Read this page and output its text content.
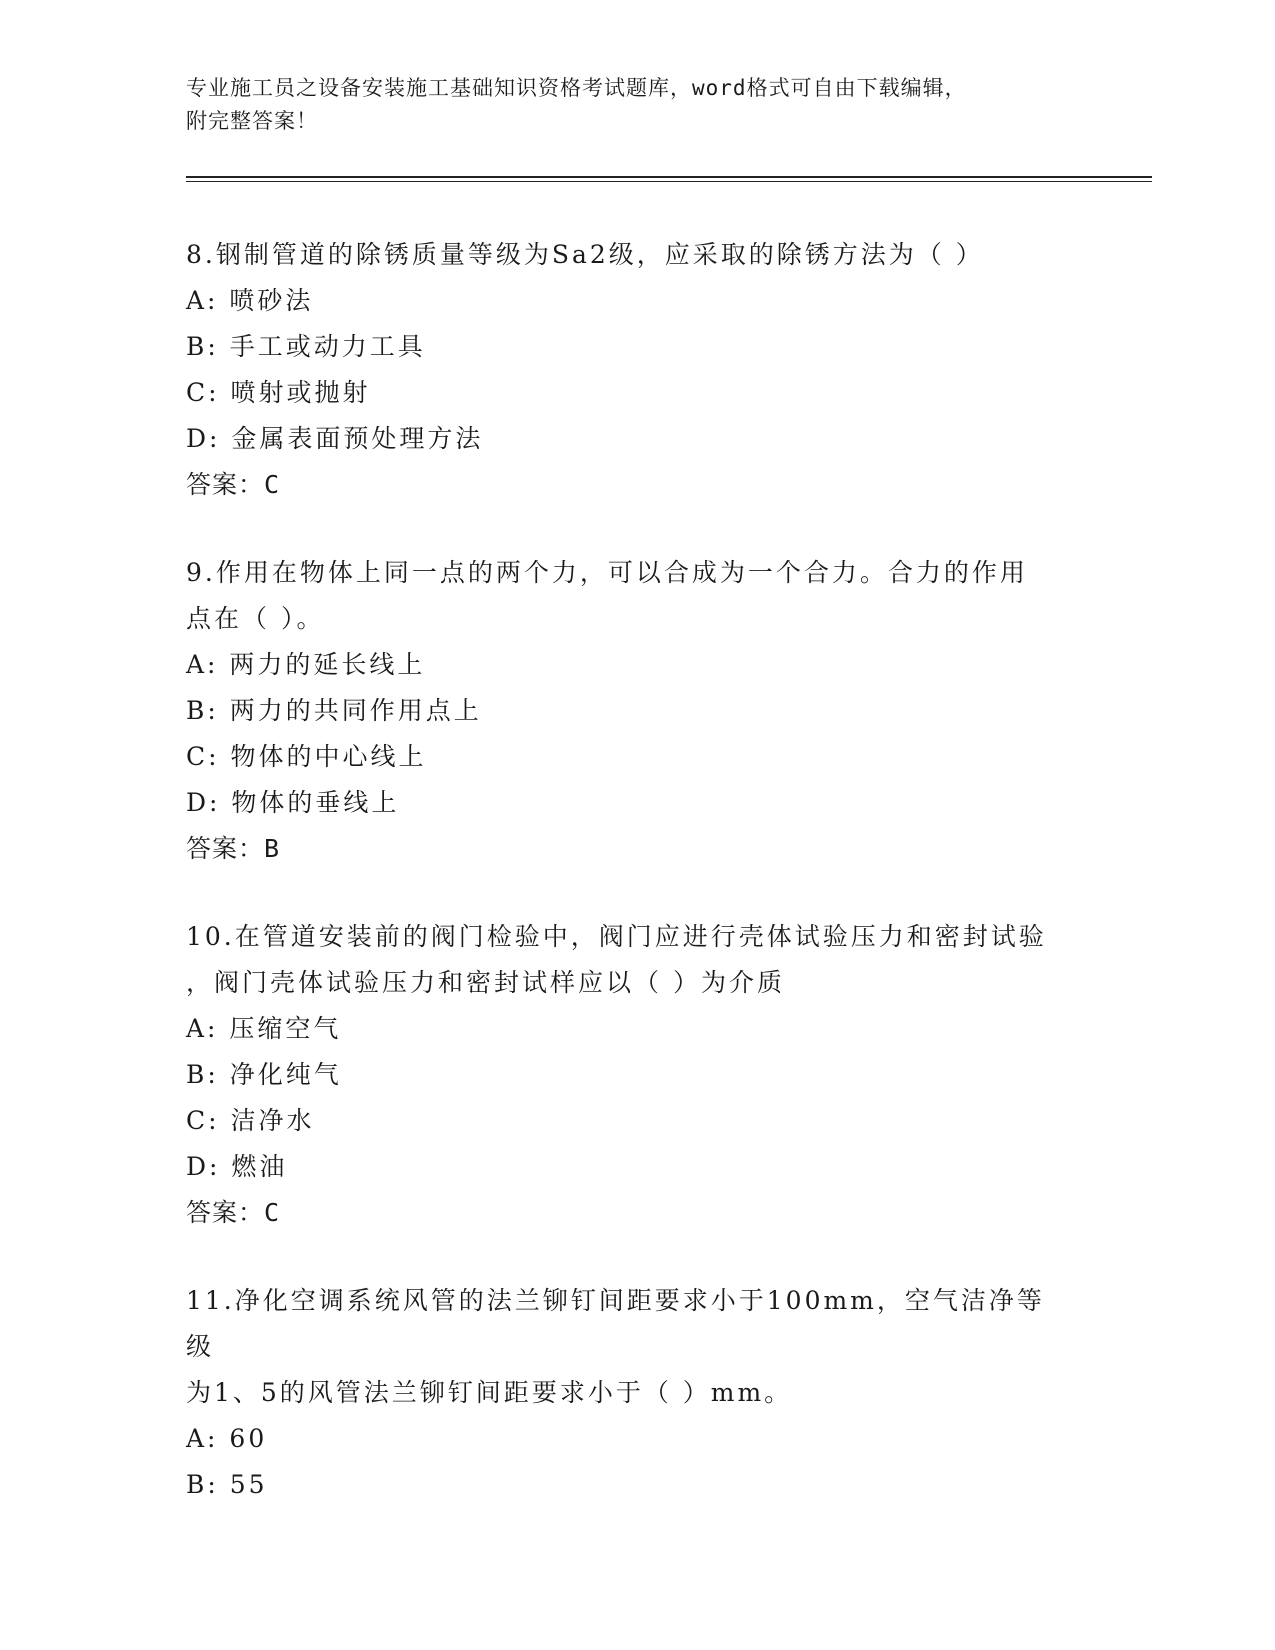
专业施工员之设备安装施工基础知识资格考试题库，word格式可自由下载编辑，
附完整答案！
8.钢制管道的除锈质量等级为Sa2级，应采取的除锈方法为（ ）
A: 喷砂法
B: 手工或动力工具
C: 喷射或抛射
D: 金属表面预处理方法
答案：C
9.作用在物体上同一点的两个力，可以合成为一个合力。合力的作用
点在（ ）。
A: 两力的延长线上
B: 两力的共同作用点上
C: 物体的中心线上
D: 物体的垂线上
答案：B
10.在管道安装前的阀门检验中，阀门应进行壳体试验压力和密封试验
，阀门壳体试验压力和密封试样应以（ ）为介质
A: 压缩空气
B: 净化纯气
C: 洁净水
D: 燃油
答案：C
11.净化空调系统风管的法兰铆钉间距要求小于100mm，空气洁净等级
为1、5的风管法兰铆钉间距要求小于（ ）mm。
A: 60
B: 55
